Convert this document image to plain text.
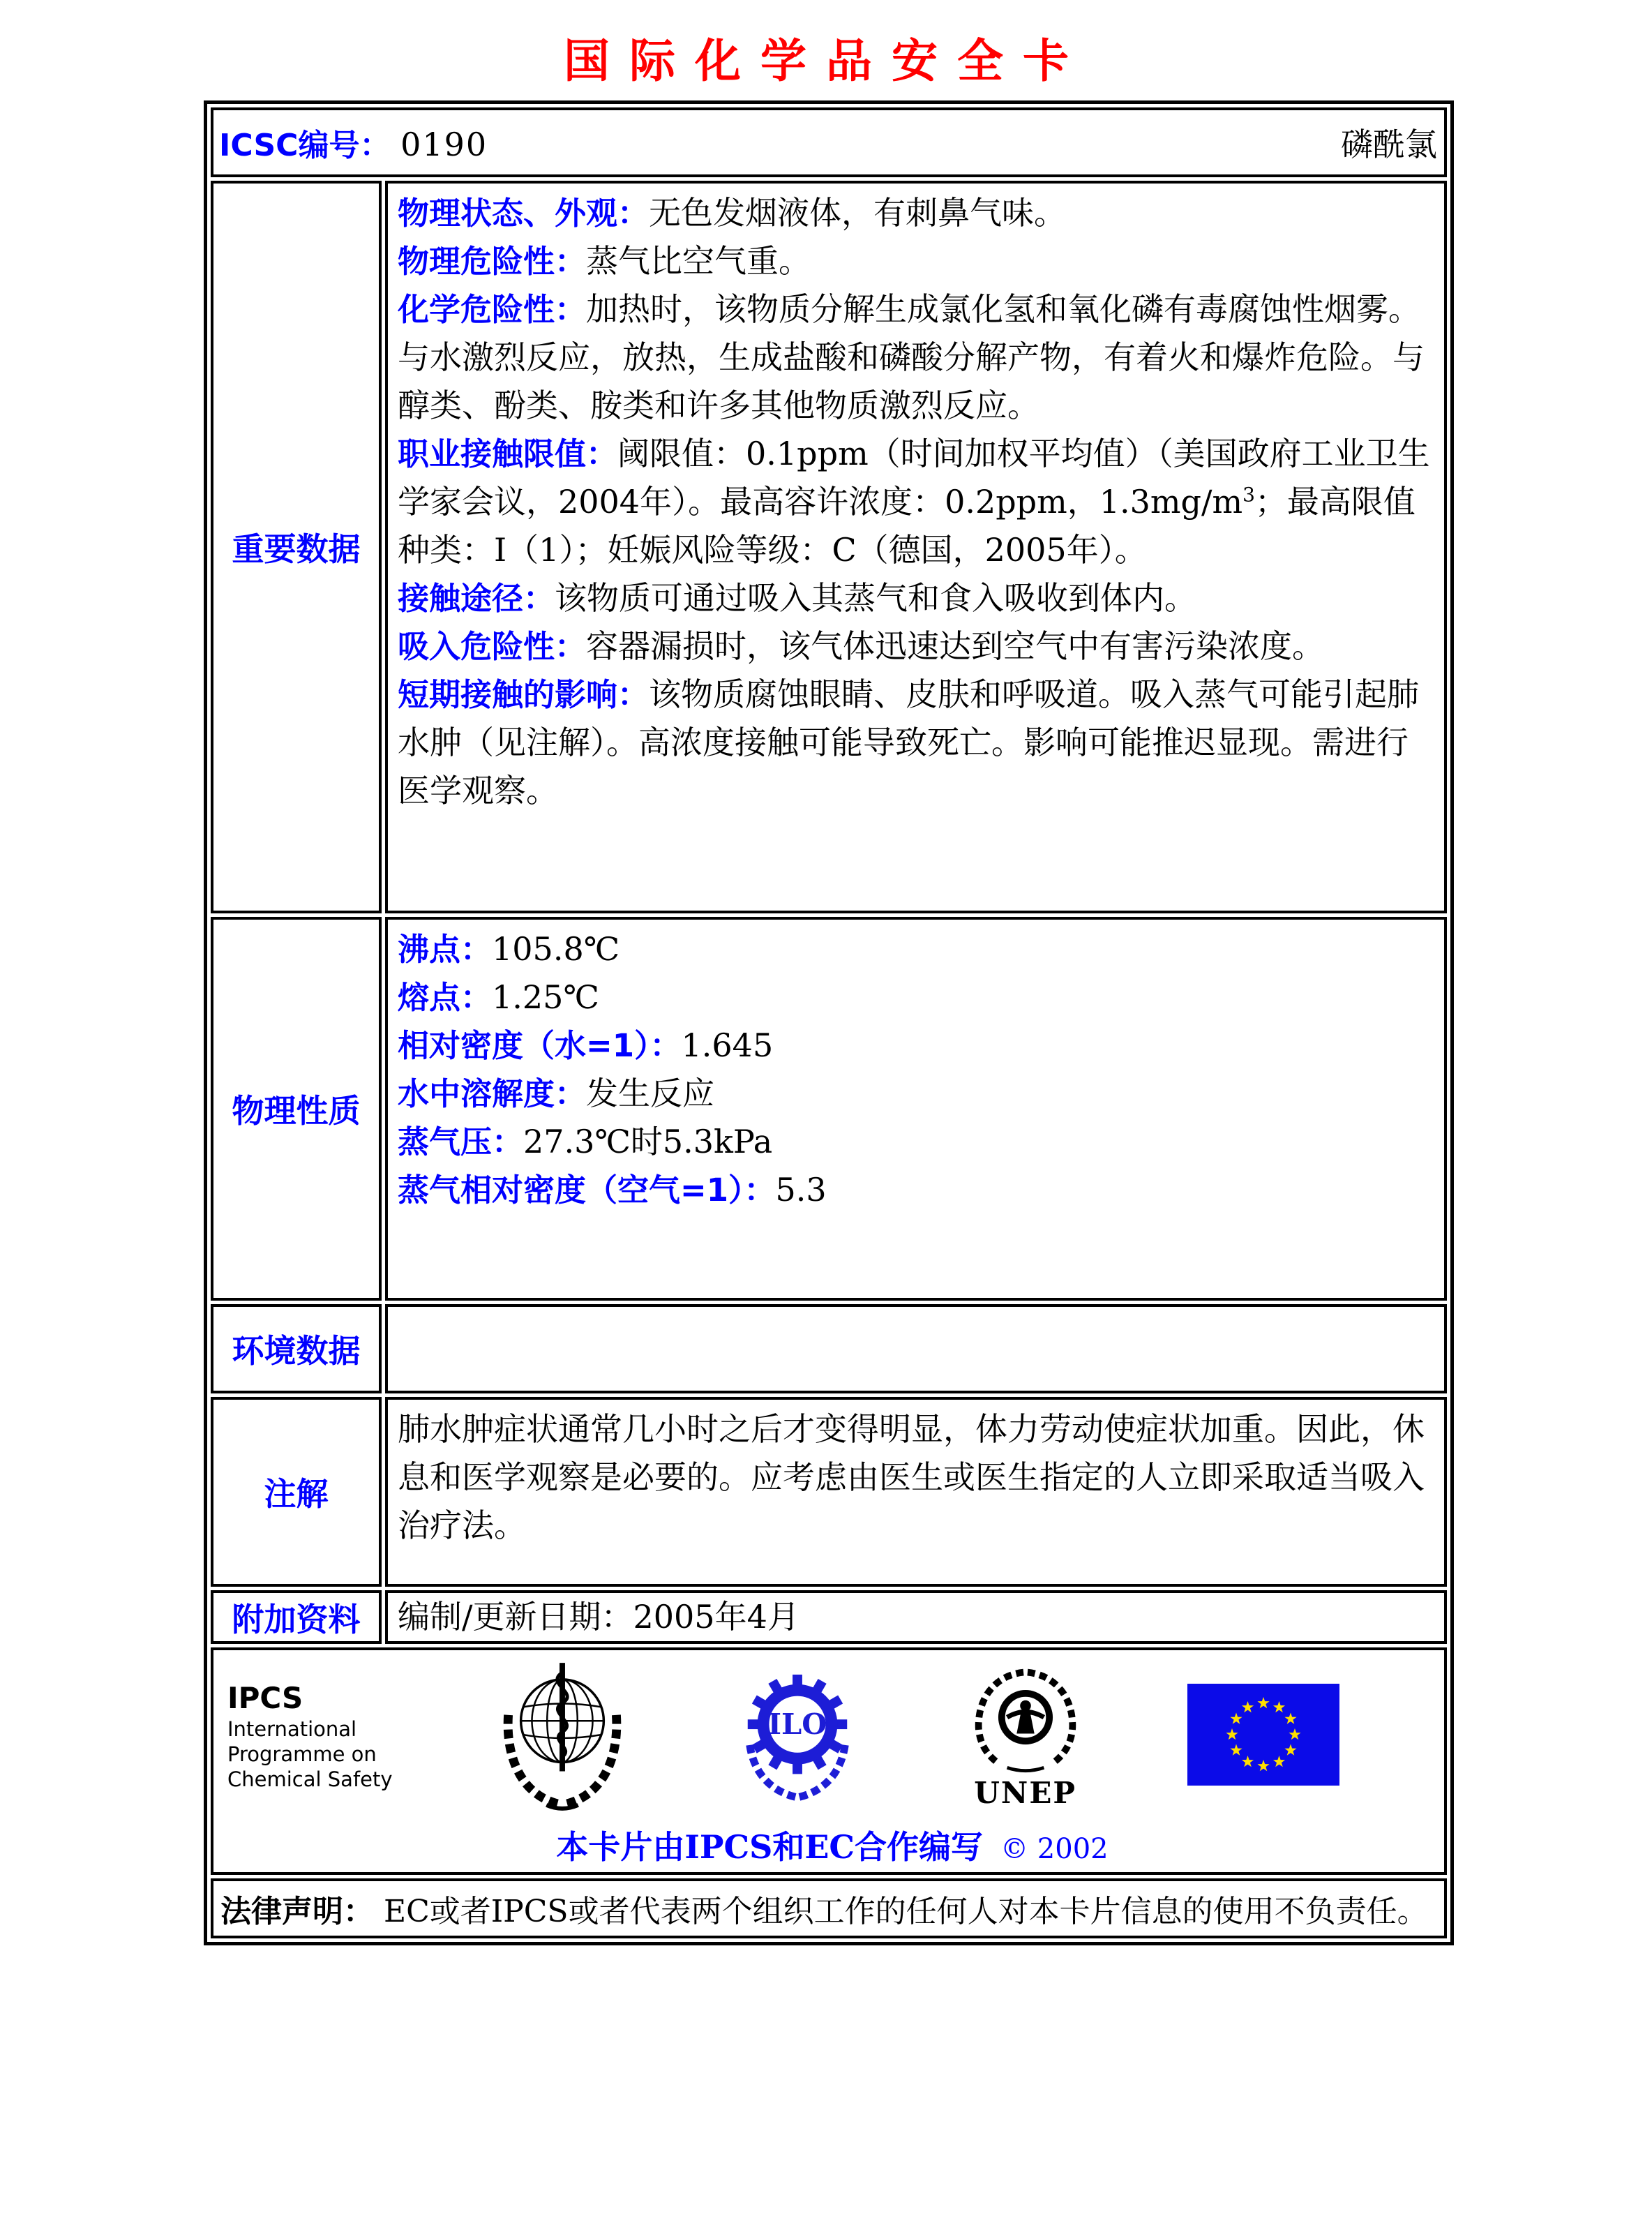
国际化学品安全卡
ICSC编号： 0190 磷酰氯	

重要数据	
物理状态、外观：无色发烟液体，有刺鼻气味。
物理危险性：蒸气比空气重。
化学危险性：加热时，该物质分解生成氯化氢和氧化磷有毒腐蚀性烟雾。与水激烈反应，放热，生成盐酸和磷酸分解产物，有着火和爆炸危险。与醇类、酚类、胺类和许多其他物质激烈反应。
职业接触限值：阈限值：0.1ppm（时间加权平均值）（美国政府工业卫生学家会议，2004年）。最高容许浓度：0.2ppm，$1.3mg/m^3$；最高限值种类：I（1）；妊娠风险等级：C（德国，2005年）。
接触途径：该物质可通过吸入其蒸气和食入吸收到体内。
吸入危险性：容器漏损时，该气体迅速达到空气中有害污染浓度。
短期接触的影响：该物质腐蚀眼睛、皮肤和呼吸道。吸入蒸气可能引起肺水肿（见注解）。高浓度接触可能导致死亡。影响可能推迟显现。需进行医学观察。

物理性质	
沸点：105.8℃
熔点：1.25℃
相对密度（水=1）：1.645
水中溶解度：发生反应
蒸气压：27.3℃时5.3kPa
蒸气相对密度（空气=1）：5.3

环境数据	
注解	肺水肿症状通常几小时之后才变得明显，体力劳动使症状加重。因此，休息和医学观察是必要的。应考虑由医生或医生指定的人立即采取适当吸入治疗法。

附加资料	编制/更新日期：2005年4月

IPCS
International
Programme on
Chemical Safety
ILO
UNEP
本卡片由IPCS和EC合作编写 © 2002

法律声明： EC或者IPCS或者代表两个组织工作的任何人对本卡片信息的使用不负责任。	
